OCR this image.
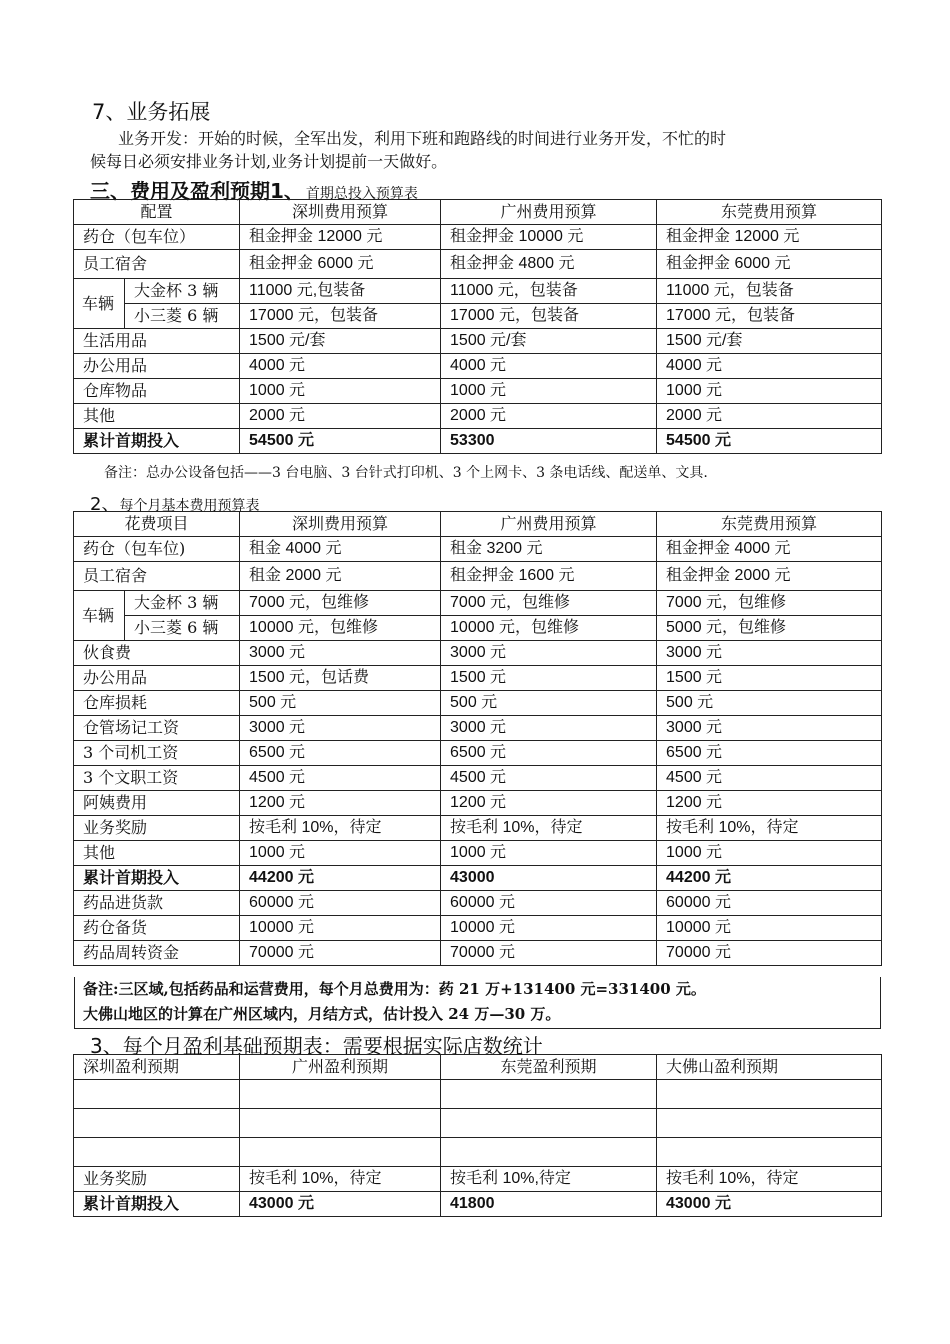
7、业务拓展
业务开发：开始的时候，全军出发，利用下班和跑路线的时间进行业务开发，不忙的时
候每日必须安排业务计划,业务计划提前一天做好。
三、费用及盈利预期1、 首期总投入预算表
配置		深圳费用预算	广州费用预算	东莞费用预算
药仓（包车位）		租金押金 12000 元	租金押金 10000 元	租金押金 12000 元
员工宿舍		租金押金 6000 元	租金押金 4800 元	租金押金 6000 元
车辆	大金杯 3 辆	11000 元,包装备	11000 元，包装备	11000 元，包装备
	小三菱 6 辆	17000 元，包装备	17000 元，包装备	17000 元，包装备
生活用品		1500 元/套	1500 元/套	1500 元/套
办公用品		4000 元	4000 元	4000 元
仓库物品		1000 元	1000 元	1000 元
其他		2000 元	2000 元	2000 元
累计首期投入		54500 元	53300	54500 元
备注：总办公设备包括——3 台电脑、3 台针式打印机、3 个上网卡、3 条电话线、配送单、文具.
2、每个月基本费用预算表
花费项目		深圳费用预算	广州费用预算	东莞费用预算
药仓（包车位)		租金 4000 元	租金 3200 元	租金押金 4000 元
员工宿舍		租金 2000 元	租金押金 1600 元	租金押金 2000 元
车辆	大金杯 3 辆	7000 元，包维修	7000 元，包维修	7000 元，包维修
	小三菱 6 辆	10000 元，包维修	10000 元，包维修	5000 元，包维修
伙食费		3000 元	3000 元	3000 元
办公用品		1500 元，包话费	1500 元	1500 元
仓库损耗		500 元	500 元	500 元
仓管场记工资		3000 元	3000 元	3000 元
3 个司机工资		6500 元	6500 元	6500 元
3 个文职工资		4500 元	4500 元	4500 元
阿姨费用		1200 元	1200 元	1200 元
业务奖励		按毛利 10%，待定	按毛利 10%，待定	按毛利 10%，待定
其他		1000 元	1000 元	1000 元
累计首期投入		44200 元	43000	44200 元
药品进货款		60000 元	60000 元	60000 元
药仓备货		10000 元	10000 元	10000 元
药品周转资金		70000 元	70000 元	70000 元
备注:三区域,包括药品和运营费用，每个月总费用为：药 21 万+131400 元=331400 元。
大佛山地区的计算在广州区域内，月结方式，估计投入 24 万—30 万。
3、每个月盈利基础预期表：需要根据实际店数统计
深圳盈利预期	广州盈利预期	东莞盈利预期	大佛山盈利预期

业务奖励	按毛利 10%，待定	按毛利 10%,待定	按毛利 10%，待定
累计首期投入	43000 元	41800	43000 元
